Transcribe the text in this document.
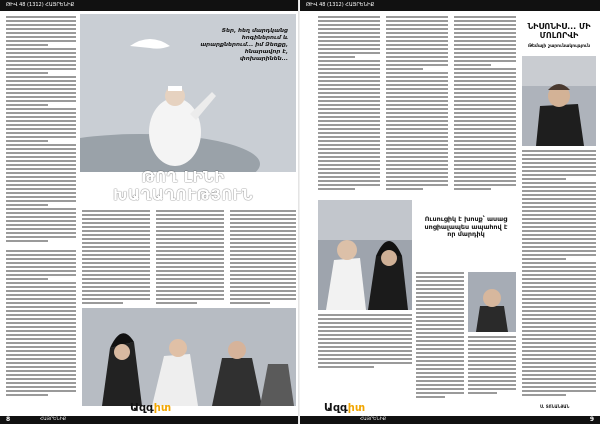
ԹԻՎ 48 (1312) ՀԱՅՐԵՆԻՔ
Տեր, հեղ մարդկանց հոգիներում և արարքներում... իմ Ձեռքը, հնարավոր է, փոխարինեն...
ԹՈՂ ԼԻՆԻ ԽԱՂԱՂՈՒԹՅՈՒՆ
Ազգիտ
8	ՀԱՅՐԵՆԻՔ
ԹԻՎ 48 (1312) ՀԱՅՐԵՆԻՔ
ՆԻՍՈՆԻՍ... ՄԻ ՄՈԼՈՐՎԻ
Թեմայի շարունակություն
Ուսուցիկ է խոսք՝ ասաց սոցիալապես ապահով է որ մարդիկ
Ս. ՏՈՆԱՆՅԱՆ
Ազգիտ
ՀԱՅՐԵՆԻՔ	9
